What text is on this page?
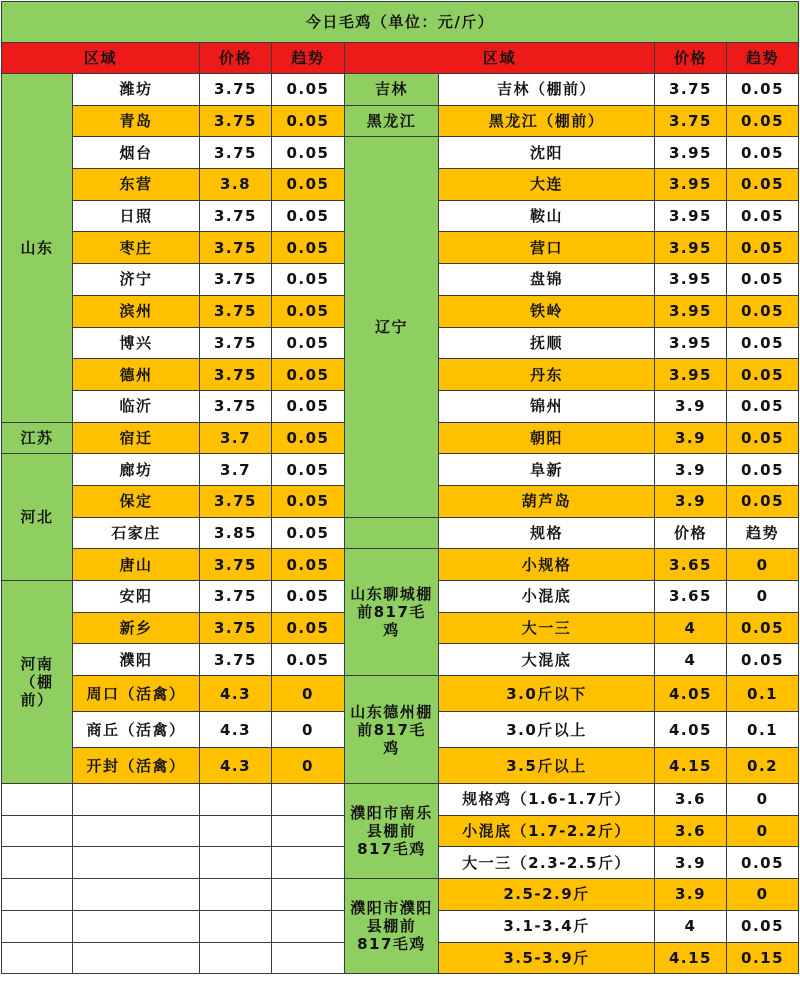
今日毛鸡（单位：元/斤）							
区域		价格	趋势	区域		价格	趋势
山东	潍坊	3.75	0.05	吉林	吉林（棚前）	3.75	0.05
	青岛	3.75	0.05	黑龙江	黑龙江（棚前）	3.75	0.05
	烟台	3.75	0.05	辽宁	沈阳	3.95	0.05
	东营	3.8	0.05		大连	3.95	0.05
	日照	3.75	0.05		鞍山	3.95	0.05
	枣庄	3.75	0.05		营口	3.95	0.05
	济宁	3.75	0.05		盘锦	3.95	0.05
	滨州	3.75	0.05		铁岭	3.95	0.05
	博兴	3.75	0.05		抚顺	3.95	0.05
	德州	3.75	0.05		丹东	3.95	0.05
	临沂	3.75	0.05		锦州	3.9	0.05
江苏	宿迁	3.7	0.05		朝阳	3.9	0.05
河北	廊坊	3.7	0.05		阜新	3.9	0.05
	保定	3.75	0.05		葫芦岛	3.9	0.05
	石家庄	3.85	0.05		规格	价格	趋势
	唐山	3.75	0.05	山东聊城棚前817毛鸡	小规格	3.65	0
河南（棚前）	安阳	3.75	0.05		小混底	3.65	0
	新乡	3.75	0.05		大一三	4	0.05
	濮阳	3.75	0.05		大混底	4	0.05
	周口（活禽）	4.3	0	山东德州棚前817毛鸡	3.0斤以下	4.05	0.1
	商丘（活禽）	4.3	0		3.0斤以上	4.05	0.1
	开封（活禽）	4.3	0		3.5斤以上	4.15	0.2
				濮阳市南乐县棚前817毛鸡	规格鸡（1.6-1.7斤）	3.6	0
					小混底（1.7-2.2斤）	3.6	0
					大一三（2.3-2.5斤）	3.9	0.05
				濮阳市濮阳县棚前817毛鸡	2.5-2.9斤	3.9	0
					3.1-3.4斤	4	0.05
					3.5-3.9斤	4.15	0.15
